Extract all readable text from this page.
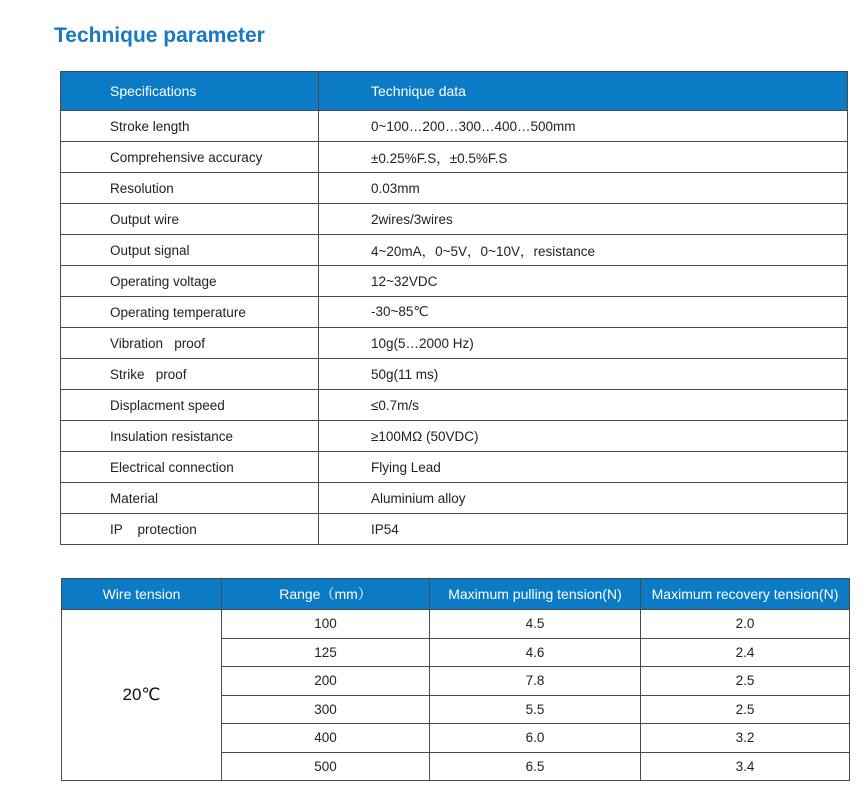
Technique parameter
Specifications	Technique data
Stroke length	0~100…200…300…400…500mm
Comprehensive accuracy	±0.25%F.S，±0.5%F.S
Resolution	0.03mm
Output wire	2wires/3wires
Output signal	4~20mA，0~5V，0~10V，resistance
Operating voltage	12~32VDC
Operating temperature	-30~85℃
Vibration   proof	10g(5…2000 Hz)
Strike   proof	50g(11 ms)
Displacment speed	≤0.7m/s
Insulation resistance	≥100MΩ (50VDC)
Electrical connection	Flying Lead
Material	Aluminium alloy
IP    protection	IP54
Wire tension	Range（mm）	Maximum pulling tension(N)	Maximum recovery tension(N)
20℃	100	4.5	2.0
	125	4.6	2.4
	200	7.8	2.5
	300	5.5	2.5
	400	6.0	3.2
	500	6.5	3.4
